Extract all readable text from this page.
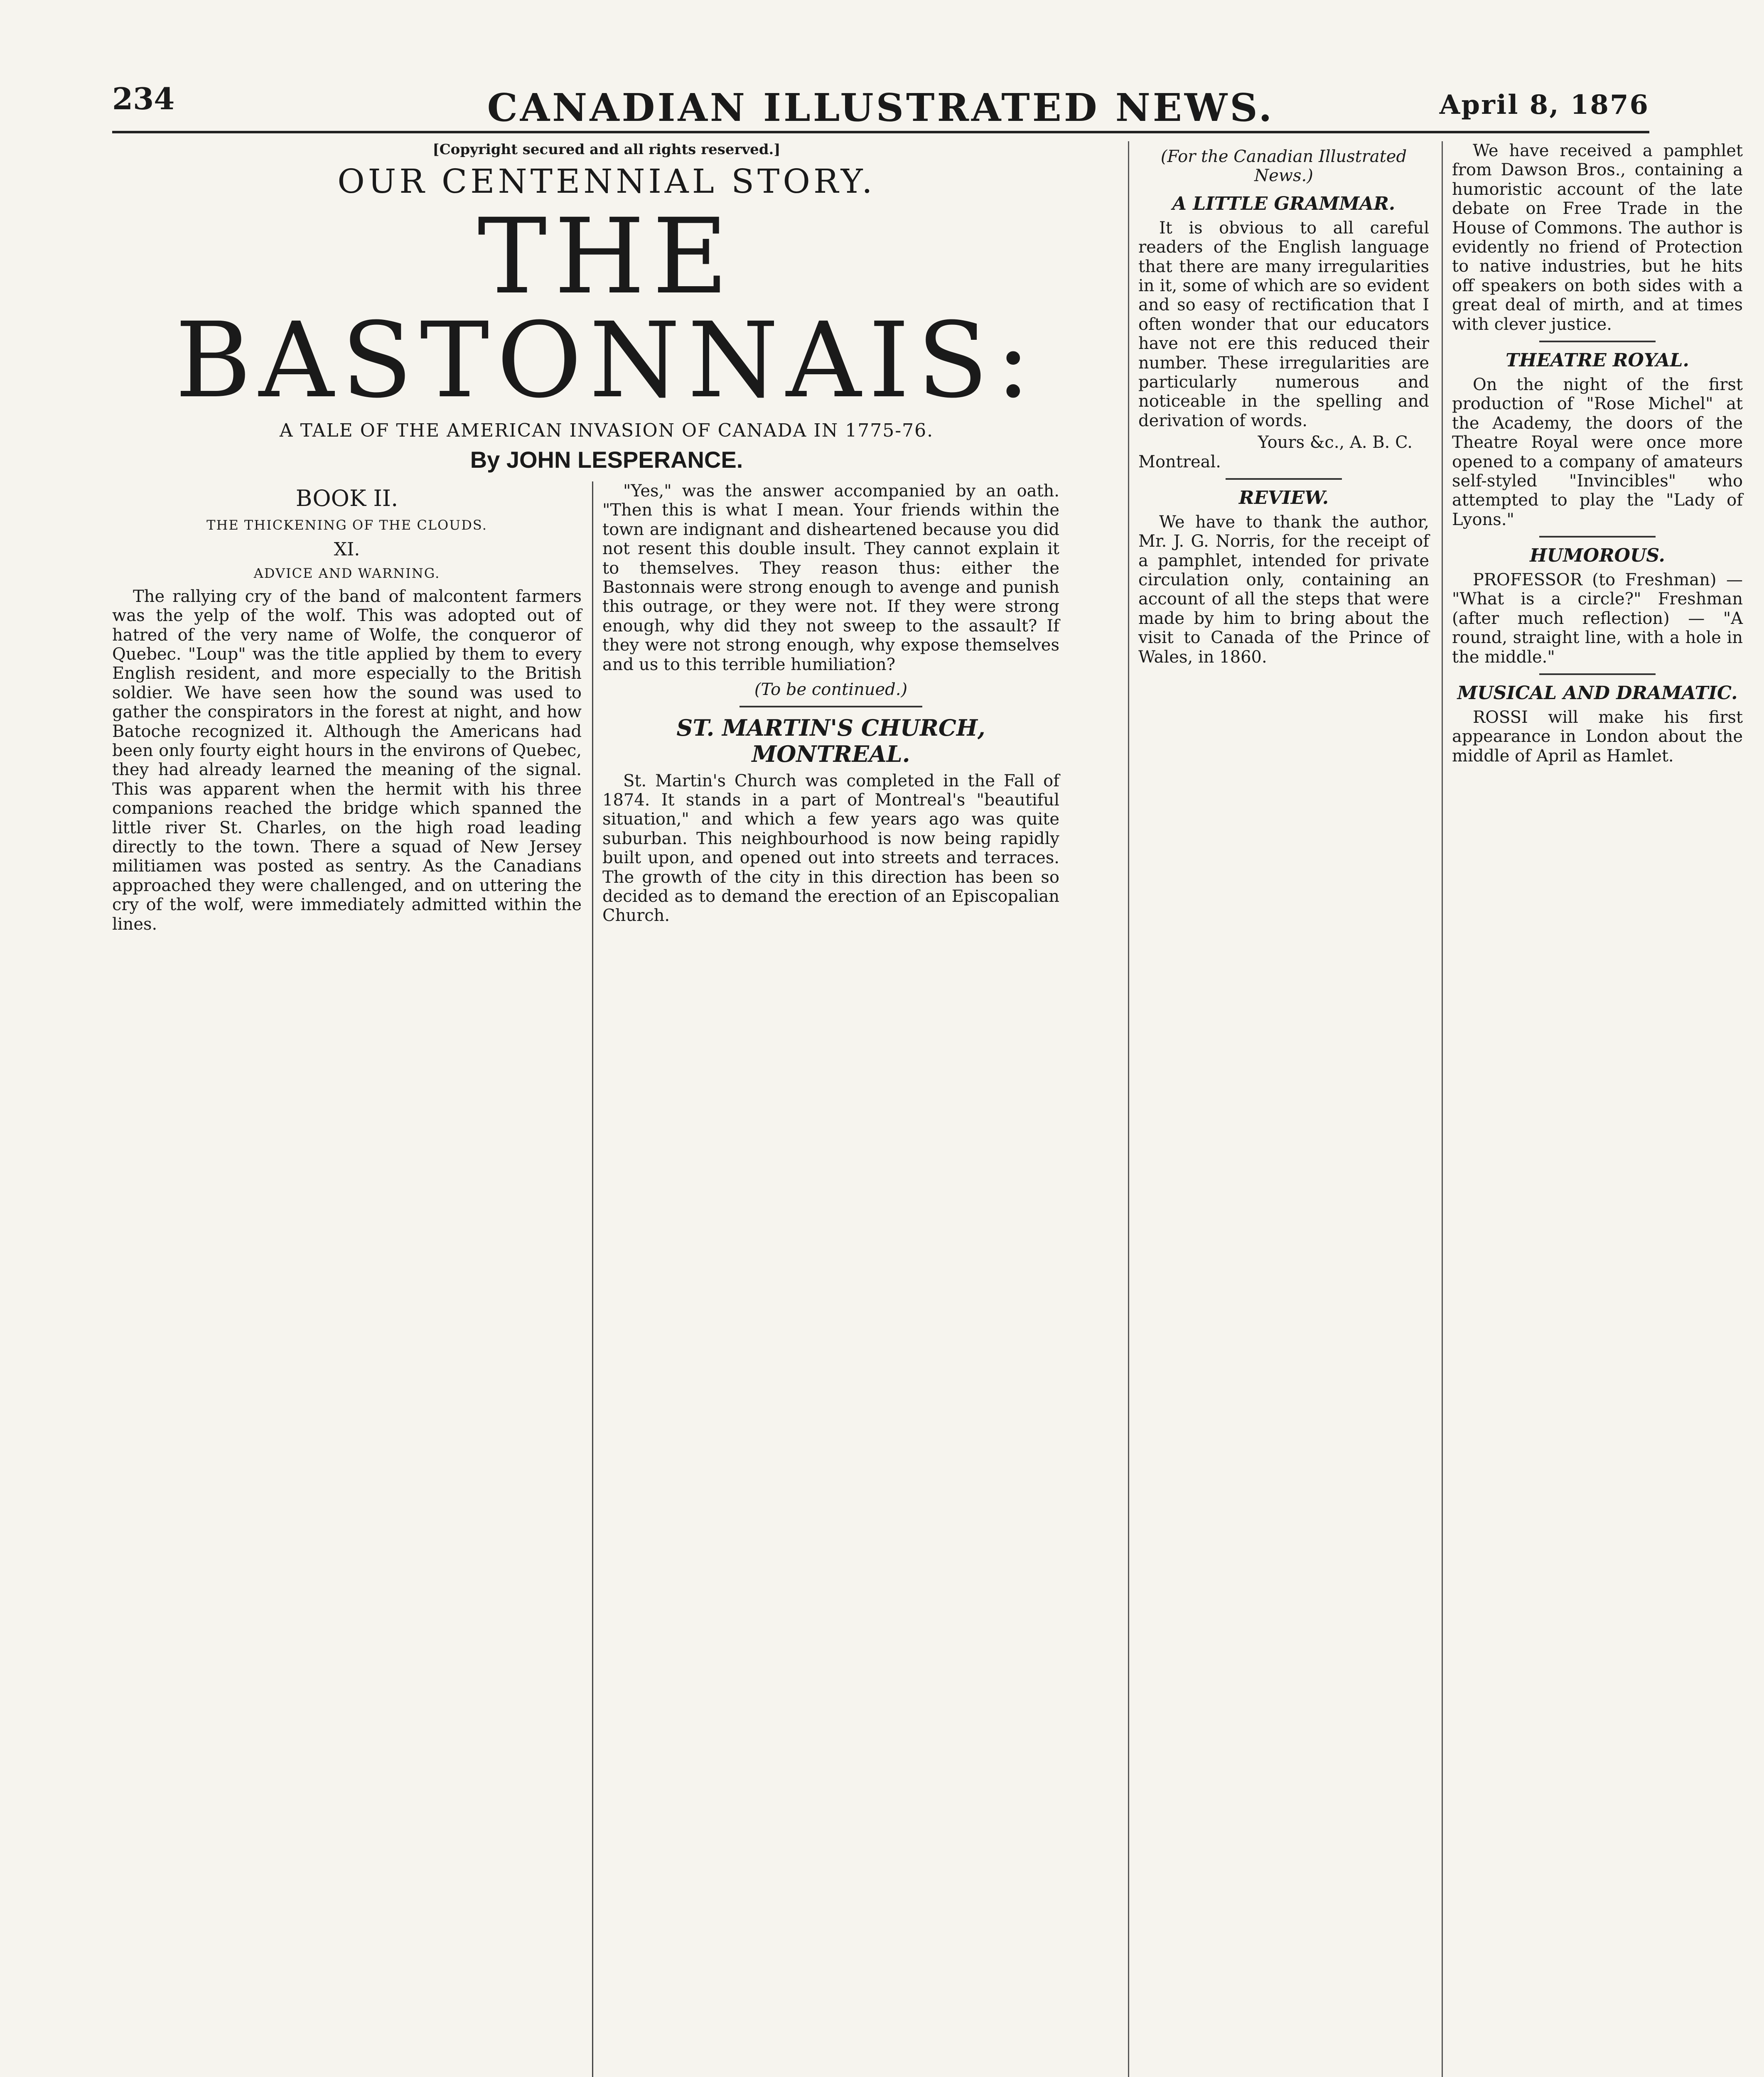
234	CANADIAN ILLUSTRATED NEWS.	April 8, 1876
[Copyright secured and all rights reserved.]
OUR CENTENNIAL STORY.
THE BASTONNAIS:
A TALE OF THE AMERICAN INVASION OF CANADA IN 1775-76.
By JOHN LESPERANCE.
BOOK II.
THE THICKENING OF THE CLOUDS.
XI.
ADVICE AND WARNING.

The rallying cry of the band of malcontent farmers was the yelp of the wolf. This was adopted out of hatred of the very name of Wolfe, the conqueror of Quebec. "Loup" was the title applied by them to every English resident, and more especially to the British soldier. We have seen how the sound was used to gather the conspirators in the forest at night, and how Batoche recognized it. Although the Americans had been only fourty eight hours in the environs of Quebec, they had already learned the meaning of the signal. This was apparent when the hermit with his three companions reached the bridge which spanned the little river St. Charles, on the high road leading directly to the town. There a squad of New Jersey militiamen was posted as sentry. As the Canadians approached they were challenged, and on uttering the cry of the wolf, were immediately admitted within the lines.

"Yes," was the answer accompanied by an oath. "Then this is what I mean. Your friends within the town are indignant and disheartened because you did not resent this double insult. They cannot explain it to themselves. They reason thus: either the Bastonnais were strong enough to avenge and punish this outrage, or they were not. If they were strong enough, why did they not sweep to the assault? If they were not strong enough, why expose themselves and us to this terrible humiliation?

(To be continued.)
ST. MARTIN'S CHURCH, MONTREAL.

St. Martin's Church was completed in the Fall of 1874. It stands in a part of Montreal's "beautiful situation," and which a few years ago was quite suburban. This neighbourhood is now being rapidly built upon, and opened out into streets and terraces. The growth of the city in this direction has been so decided as to demand the erection of an Episcopalian Church.

(For the Canadian Illustrated News.)
A LITTLE GRAMMAR.

It is obvious to all careful readers of the English language that there are many irregularities in it, some of which are so evident and so easy of rectification that I often wonder that our educators have not ere this reduced their number. These irregularities are particularly numerous and noticeable in the spelling and derivation of words.

Yours &c., A. B. C.
Montreal.
REVIEW.

We have to thank the author, Mr. J. G. Norris, for the receipt of a pamphlet, intended for private circulation only, containing an account of all the steps that were made by him to bring about the visit to Canada of the Prince of Wales, in 1860.

We have received a pamphlet from Dawson Bros., containing a humoristic account of the late debate on Free Trade in the House of Commons. The author is evidently no friend of Protection to native industries, but he hits off speakers on both sides with a great deal of mirth, and at times with clever justice.

THEATRE ROYAL.

On the night of the first production of "Rose Michel" at the Academy, the doors of the Theatre Royal were once more opened to a company of amateurs self-styled "Invincibles" who attempted to play the "Lady of Lyons."

HUMOROUS.

PROFESSOR (to Freshman) — "What is a circle?" Freshman (after much reflection) — "A round, straight line, with a hole in the middle."

MUSICAL AND DRAMATIC.

ROSSI will make his first appearance in London about the middle of April as Hamlet.
